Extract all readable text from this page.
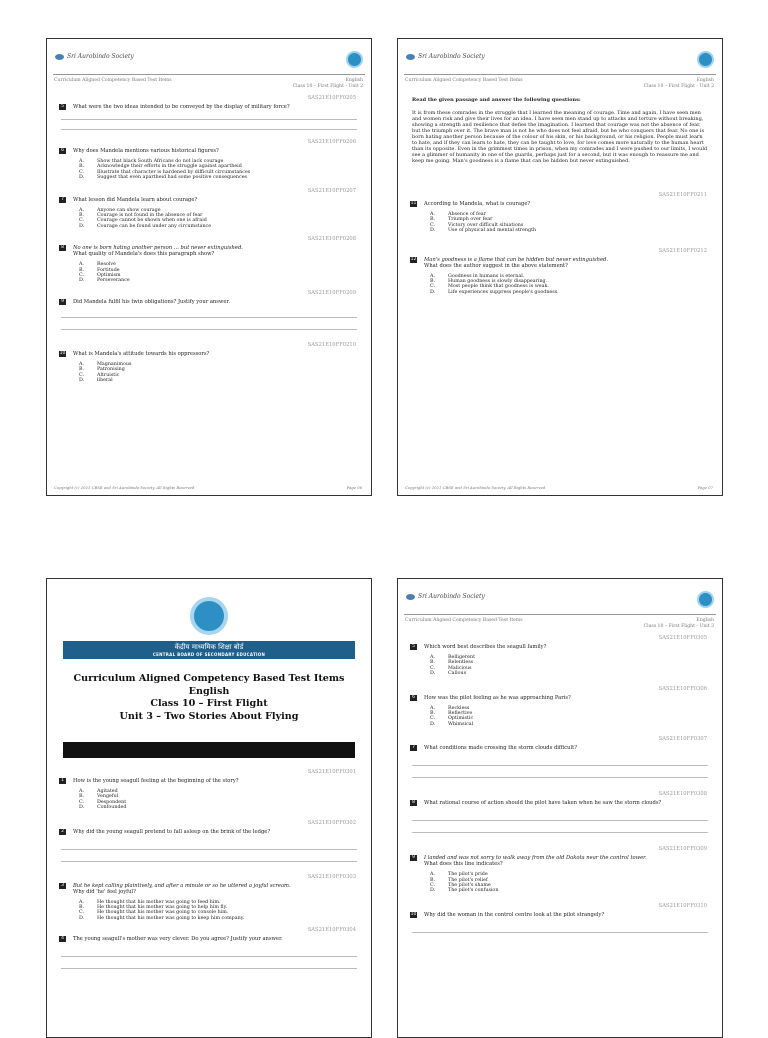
Sri Aurobindo Society
Curriculum Aligned Competency Based Test Items	English
Class 10 – First Flight - Unit 2
SAS21E10FF0205
5	What were the two ideas intended to be conveyed by the display of military force?
SAS21E10FF0206
6	Why does Mandela mentions various historical figures?
A.	Show that black South Africans do not lack courage
B.	Acknowledge their efforts in the struggle against apartheid
C.	Illustrate that character is hardened by difficult circumstances
D.	Suggest that even apartheid had some positive consequences
SAS21E10FF0207
7	What lesson did Mandela learn about courage?
A.	Anyone can show courage
B.	Courage is not found in the absence of fear
C.	Courage cannot be shown when one is afraid
D.	Courage can be found under any circumstance
SAS21E10FF0208
8	No one is born hating another person … but never extinguished.
What quality of Mandela's does this paragraph show?
A.	Resolve
B.	Fortitude
C.	Optimism
D.	Perseverance
SAS21E10FF0209
9	Did Mandela fulfil his twin obligations? Justify your answer.
SAS21E10FF0210
10 What is Mandela's attitude towards his oppressors?
A.	Magnanimous
B.	Patronising
C.	Altruistic
D.	liberal
Copyright (c) 2021 CBSE and Sri Aurobindo Society. All Rights Reserved	Page 06
Sri Aurobindo Society
Curriculum Aligned Competency Based Test Items	English
Class 10 – First Flight - Unit 2
Read the given passage and answer the following questions:
It is from these comrades in the struggle that I learned the meaning of courage. Time and again, I have seen men and women risk and give their lives for an idea. I have seen men stand up to attacks and torture without breaking, showing a strength and resilience that defies the imagination. I learned that courage was not the absence of fear, but the triumph over it. The brave man is not he who does not feel afraid, but he who conquers that fear. No one is born hating another person because of the colour of his skin, or his background, or his religion. People must learn to hate, and if they can learn to hate, they can be taught to love, for love comes more naturally to the human heart than its opposite. Even in the grimmest times in prison, when my comrades and I were pushed to our limits, I would see a glimmer of humanity in one of the guards, perhaps just for a second, but it was enough to reassure me and keep me going. Man's goodness is a flame that can be hidden but never extinguished.
SAS21E10FF0211
11 According to Mandela, what is courage?
A.	Absence of fear
B.	Triumph over fear
C.	Victory over difficult situations
D.	Use of physical and mental strength
SAS21E10FF0212
12 Man's goodness is a flame that can be hidden but never extinguished.
What does the author suggest in the above statement?
A.	Goodness in humans is eternal.
B.	Human goodness is slowly disappearing.
C.	Most people think that goodness is weak.
D.	Life experiences suppress people's goodness.
Copyright (c) 2021 CBSE and Sri Aurobindo Society. All Rights Reserved	Page 07
केंद्रीय माध्यमिक शिक्षा बोर्ड
CENTRAL BOARD OF SECONDARY EDUCATION
Curriculum Aligned Competency Based Test Items
English
Class 10 – First Flight
Unit 3 – Two Stories About Flying
SAS21E10FF0301
1	How is the young seagull feeling at the beginning of the story?
A.	Agitated
B.	Vengeful
C.	Despondent
D.	Confounded
SAS21E10FF0302
2	Why did the young seagull pretend to fall asleep on the brink of the ledge?
SAS21E10FF0303
3	But he kept calling plaintively, and after a minute or so he uttered a joyful scream.
Why did 'he' feel joyful?
A.	He thought that his mother was going to feed him.
B.	He thought that his mother was going to help him fly.
C.	He thought that his mother was going to console him.
D.	He thought that his mother was going to keep him company.
SAS21E10FF0304
4	The young seagull's mother was very clever. Do you agree? Justify your answer.
Sri Aurobindo Society
Curriculum Aligned Competency Based Test Items	English
Class 10 – First Flight - Unit 3
SAS21E10FF0305
5	Which word best describes the seagull family?
A.	Belligerent
B.	Relentless
C.	Malicious
D.	Callous
SAS21E10FF0306
6	How was the pilot feeling as he was approaching Paris?
A.	Reckless
B.	Reflective
C.	Optimistic
D.	Whimsical
SAS21E10FF0307
7	What conditions made crossing the storm clouds difficult?
SAS21E10FF0308
8	What rational course of action should the pilot have taken when he saw the storm clouds?
SAS21E10FF0309
9	I landed and was not sorry to walk away from the old Dakota near the control tower.
What does this line indicates?
A.	The pilot's pride
B.	The pilot's relief
C.	The pilot's shame
D.	The pilot's confusion
SAS21E10FF0310
10 Why did the woman in the control centre look at the pilot strangely?
